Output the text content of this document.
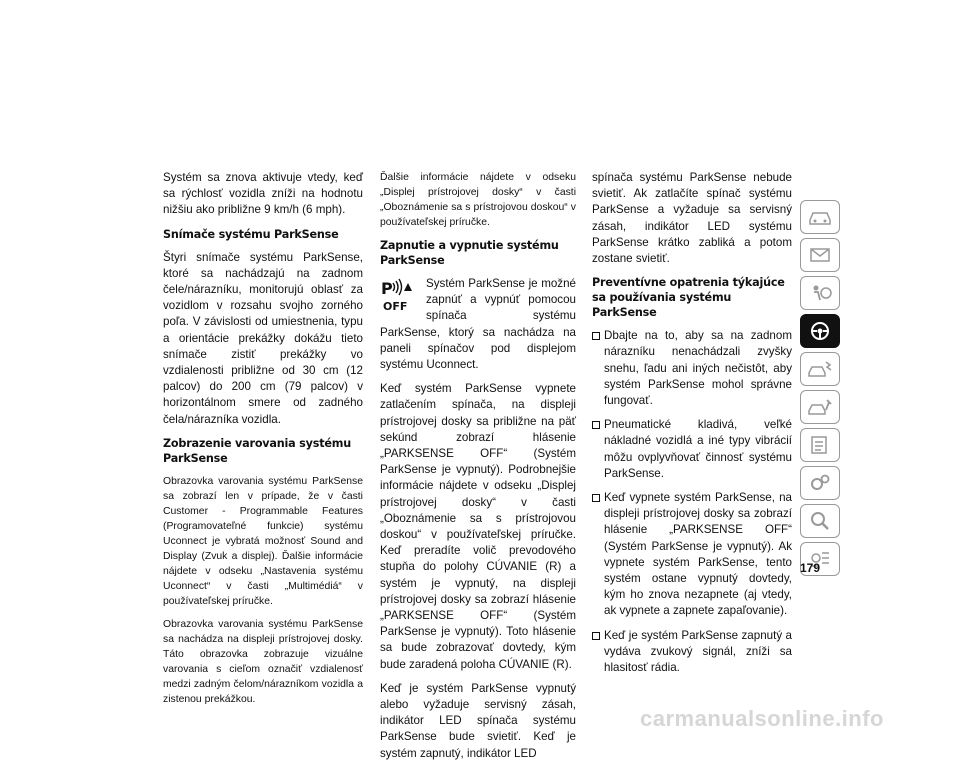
Systém sa znova aktivuje vtedy, keď sa rýchlosť vozidla zníži na hodnotu nižšiu ako približne 9 km/h (6 mph).

Snímače systému ParkSense

Štyri snímače systému ParkSense, ktoré sa nachádzajú na zadnom čele/nárazníku, monitorujú oblasť za vozidlom v rozsahu svojho zorného poľa. V závislosti od umiestnenia, typu a orientácie prekážky dokážu tieto snímače zistiť prekážky vo vzdialenosti približne od 30 cm (12 palcov) do 200 cm (79 palcov) v horizontálnom smere od zadného čela/nárazníka vozidla.

Zobrazenie varovania systému ParkSense

Obrazovka varovania systému ParkSense sa zobrazí len v prípade, že v časti Customer - Programmable Features (Programovateľné funkcie) systému Uconnect je vybratá možnosť Sound and Display (Zvuk a displej). Ďalšie informácie nájdete v odseku „Nastavenia systému Uconnect“ v časti „Multimédiá“ v používateľskej príručke.

Obrazovka varovania systému ParkSense sa nachádza na displeji prístrojovej dosky. Táto obrazovka zobrazuje vizuálne varovania s cieľom označiť vzdialenosť medzi zadným čelom/nárazníkom vozidla a zistenou prekážkou.

Ďalšie informácie nájdete v odseku „Displej prístrojovej dosky“ v časti „Oboznámenie sa s prístrojovou doskou“ v používateľskej príručke.

Zapnutie a vypnutie systému ParkSense
P
OFF

Systém ParkSense je možné zapnúť a vypnúť pomocou spínača systému ParkSense, ktorý sa nachádza na paneli spínačov pod displejom systému Uconnect.

Keď systém ParkSense vypnete zatlačením spínača, na displeji prístrojovej dosky sa približne na päť sekúnd zobrazí hlásenie „PARKSENSE OFF“ (Systém ParkSense je vypnutý). Podrobnejšie informácie nájdete v odseku „Displej prístrojovej dosky“ v časti „Oboznámenie sa s prístrojovou doskou“ v používateľskej príručke. Keď preradíte volič prevodového stupňa do polohy CÚVANIE (R) a systém je vypnutý, na displeji prístrojovej dosky sa zobrazí hlásenie „PARKSENSE OFF“ (Systém ParkSense je vypnutý). Toto hlásenie sa bude zobrazovať dovtedy, kým bude zaradená poloha CÚVANIE (R).

Keď je systém ParkSense vypnutý alebo vyžaduje servisný zásah, indikátor LED spínača systému ParkSense bude svietiť. Keď je systém zapnutý, indikátor LED

spínača systému ParkSense nebude svietiť. Ak zatlačíte spínač systému ParkSense a vyžaduje sa servisný zásah, indikátor LED systému ParkSense krátko zabliká a potom zostane svietiť.

Preventívne opatrenia týkajúce sa používania systému ParkSense
Dbajte na to, aby sa na zadnom nárazníku nenachádzali zvyšky snehu, ľadu ani iných nečistôt, aby systém ParkSense mohol správne fungovať.
Pneumatické kladivá, veľké nákladné vozidlá a iné typy vibrácií môžu ovplyvňovať činnosť systému ParkSense.
Keď vypnete systém ParkSense, na displeji prístrojovej dosky sa zobrazí hlásenie „PARKSENSE OFF“ (Systém ParkSense je vypnutý). Ak vypnete systém ParkSense, tento systém ostane vypnutý dovtedy, kým ho znova nezapnete (aj vtedy, ak vypnete a zapnete zapaľovanie).
Keď je systém ParkSense zapnutý a vydáva zvukový signál, zníži sa hlasitosť rádia.
179
carmanualsonline.info
